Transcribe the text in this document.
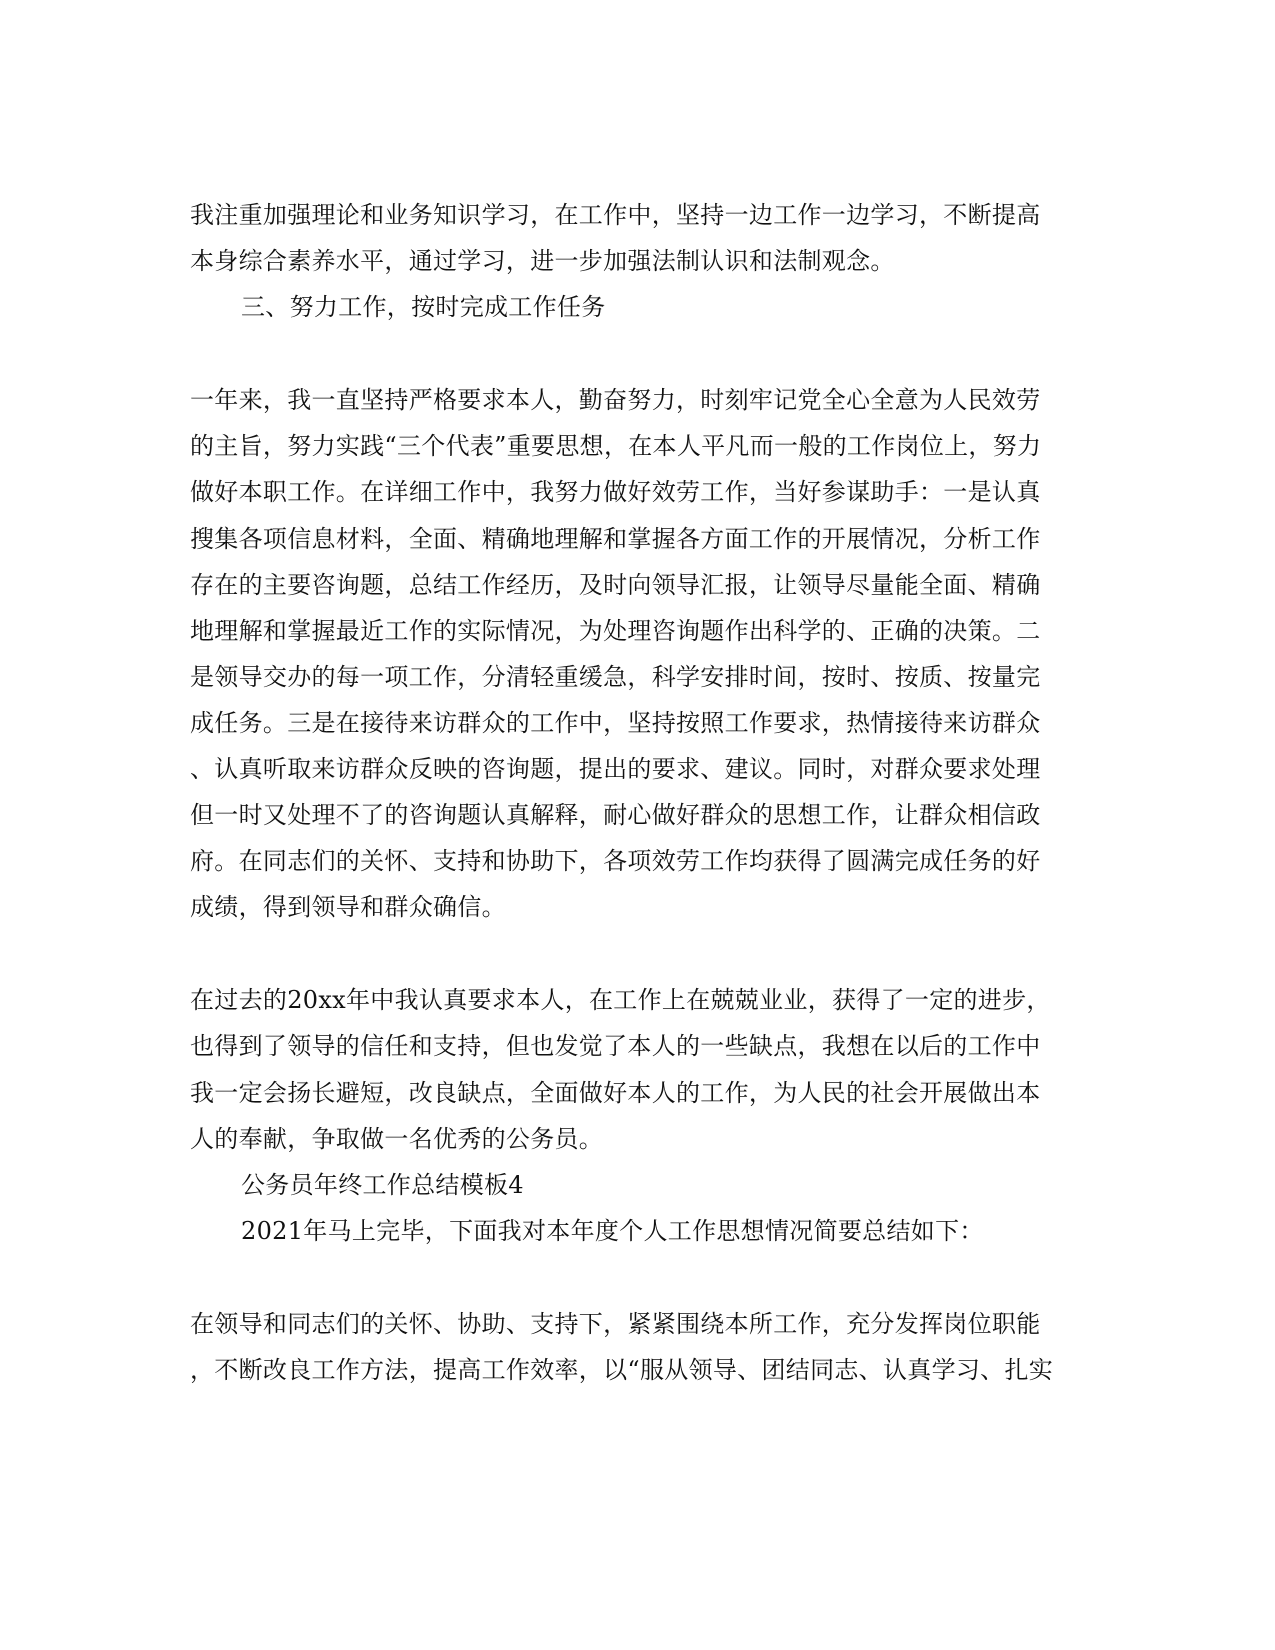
我注重加强理论和业务知识学习，在工作中，坚持一边工作一边学习，不断提高
本身综合素养水平，通过学习，进一步加强法制认识和法制观念。
三、努力工作，按时完成工作任务
一年来，我一直坚持严格要求本人，勤奋努力，时刻牢记党全心全意为人民效劳
的主旨，努力实践“三个代表”重要思想，在本人平凡而一般的工作岗位上，努力
做好本职工作。在详细工作中，我努力做好效劳工作，当好参谋助手：一是认真
搜集各项信息材料，全面、精确地理解和掌握各方面工作的开展情况，分析工作
存在的主要咨询题，总结工作经历，及时向领导汇报，让领导尽量能全面、精确
地理解和掌握最近工作的实际情况，为处理咨询题作出科学的、正确的决策。二
是领导交办的每一项工作，分清轻重缓急，科学安排时间，按时、按质、按量完
成任务。三是在接待来访群众的工作中，坚持按照工作要求，热情接待来访群众
、认真听取来访群众反映的咨询题，提出的要求、建议。同时，对群众要求处理
但一时又处理不了的咨询题认真解释，耐心做好群众的思想工作，让群众相信政
府。在同志们的关怀、支持和协助下，各项效劳工作均获得了圆满完成任务的好
成绩，得到领导和群众确信。
在过去的20xx年中我认真要求本人，在工作上在兢兢业业，获得了一定的进步，
也得到了领导的信任和支持，但也发觉了本人的一些缺点，我想在以后的工作中
我一定会扬长避短，改良缺点，全面做好本人的工作，为人民的社会开展做出本
人的奉献，争取做一名优秀的公务员。
公务员年终工作总结模板4
2021年马上完毕，下面我对本年度个人工作思想情况简要总结如下：
在领导和同志们的关怀、协助、支持下，紧紧围绕本所工作，充分发挥岗位职能
，不断改良工作方法，提高工作效率，以“服从领导、团结同志、认真学习、扎实
